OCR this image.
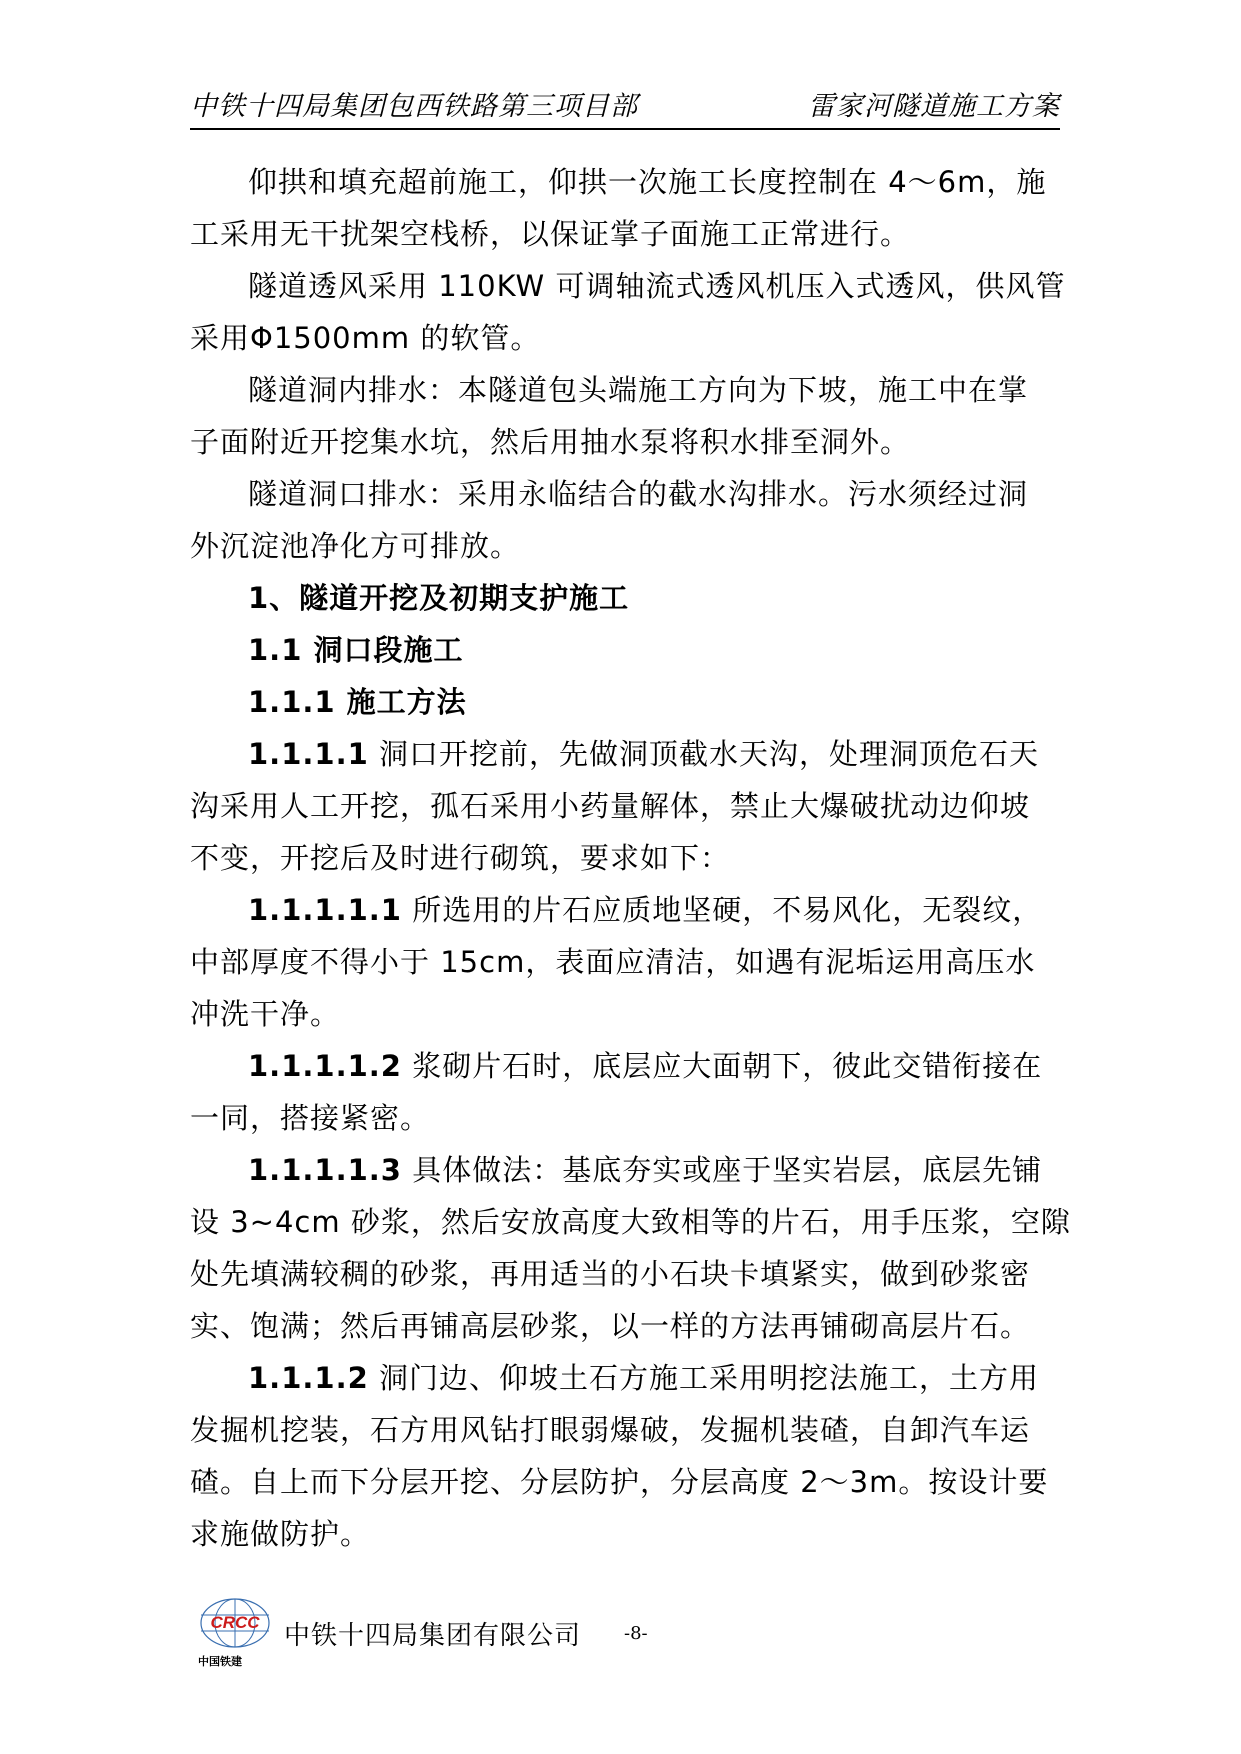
中铁十四局集团包西铁路第三项目部	雷家河隧道施工方案
仰拱和填充超前施工，仰拱一次施工长度控制在 4～6m，施
工采用无干扰架空栈桥，以保证掌子面施工正常进行。
隧道透风采用 110KW 可调轴流式透风机压入式透风，供风管
采用Φ1500mm 的软管。
隧道洞内排水：本隧道包头端施工方向为下坡，施工中在掌
子面附近开挖集水坑，然后用抽水泵将积水排至洞外。
隧道洞口排水：采用永临结合的截水沟排水。污水须经过洞
外沉淀池净化方可排放。
1、隧道开挖及初期支护施工
1.1 洞口段施工
1.1.1 施工方法
1.1.1.1 洞口开挖前，先做洞顶截水天沟，处理洞顶危石天
沟采用人工开挖，孤石采用小药量解体，禁止大爆破扰动边仰坡
不变，开挖后及时进行砌筑，要求如下：
1.1.1.1.1 所选用的片石应质地坚硬，不易风化，无裂纹，
中部厚度不得小于 15cm，表面应清洁，如遇有泥垢运用高压水
冲洗干净。
1.1.1.1.2 浆砌片石时，底层应大面朝下，彼此交错衔接在
一同，搭接紧密。
1.1.1.1.3 具体做法：基底夯实或座于坚实岩层，底层先铺
设 3~4cm 砂浆，然后安放高度大致相等的片石，用手压浆，空隙
处先填满较稠的砂浆，再用适当的小石块卡填紧实，做到砂浆密
实、饱满；然后再铺高层砂浆，以一样的方法再铺砌高层片石。
1.1.1.2 洞门边、仰坡土石方施工采用明挖法施工，土方用
发掘机挖装，石方用风钻打眼弱爆破，发掘机装碴，自卸汽车运
碴。自上而下分层开挖、分层防护，分层高度 2～3m。按设计要
求施做防护。
CRCC
中国铁建
中铁十四局集团有限公司 -8-
